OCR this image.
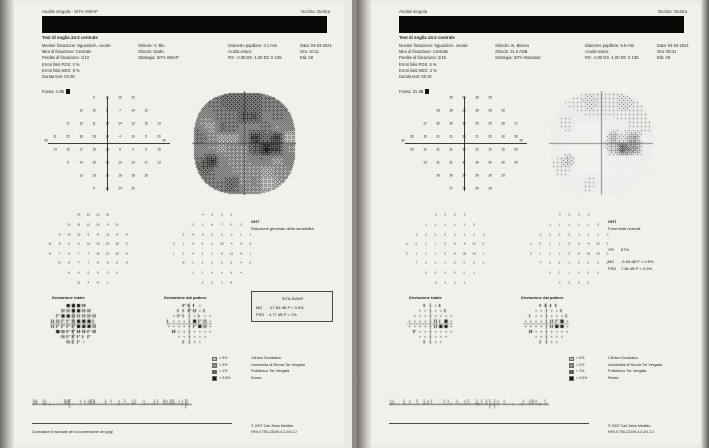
Analisi singola - SITA-SWAP	Occhio: Destra
Test di soglia 24-2 centrale
Monitor fissazione: Sguardo/A. cecale
Mira di fissazione: Centrale
Perdite di fissazione: 1/13
Errori falsi POS: 3 %
Errori falsi NEG: 8 %
Durata test: 04:28
Stimolo: V, Blu
Sfondo: Giallo
Strategia: SITA-SWAP
Diametro pupillare: 4.1 mm
Acuità visiva:
RX: -2.00 DS -1.00 DC X 135
Data: 04-03-2021
Ora: 10:11
Età: 28
Fovea: 4 dB
30	30
9	10	10	12
12	12	8	7	14	12
17	10	11	14	14	12	15	14
11	15	18	18	13	4	10	5	20
14	15	17	15	15	8	2	5	15
5	14	15	15	13	13	17	13
13	15	16	16	18	16
9	16	14	20
-13	-12	-12	-10
-11	-11	-15	-16	-9	-11
-6	-13	-12	-9	-9	-11	-8	-8
-11	-8	-5	-5	-10	-19	-13	-18	-3
-8	-7	-5	-7	-7	-15	-21	-18	-8
-17	-8	-7	-7	-9	-9	-5	-9
-8	-6	-5	-5	-3	-5
-11	-4	-6	-1
-4	-3	-3	-1
-2	-2	-6	-7	0	-2
3	-4	-3	0	0	-2	1	1
-2	1	4	4	-1	-10	-4	-9	6
1	2	4	2	2	-6	-12	-9	1
-8	1	2	2	0	0	4	0
1	3	4	4	6	4
-2	5	3	8
GHT
Riduzione generale della sensibilità
SITA-SWAP
MD -17.89 dB P < 0.5%
PSD 4.77 dB P < 1%
Deviazione totale	Deviazione dal pattern
< 5%
< 2%
< 1%
< 0.5%
Clinica Oculistica
Università di Roma Tor Vergata
Policlinico Tor Vergata
Roma
Consultare il manuale per la conversione dei grigi
© 2007 Carl Zeiss Meditec
HFA II 750-13249-4.2.2/4.2.2
Analisi singola	Occhio: Destra
Test di soglia 24-2 centrale
Monitor fissazione: Sguardo/A. cecale
Mira di fissazione: Centrale
Perdite di fissazione: 2/15
Errori falsi POS: 6 %
Errori falsi NEG: 2 %
Durata test: 05:10
Stimolo: III, Bianco
Sfondo: 31.5 ASB
Strategia: SITA-Standard
Diametro pupillare: 5.5 mm
Acuità visiva:
RX: -2.00 DS -1.00 DC X 135
Data: 04-03-2021
Ora: 09:31
Età: 28
Fovea: 31 dB
30	30
25	26	26	25
28	28	28	28	28	26
27	30	30	30	29	29	28	27
28	30	31	31	30	21	26	18	30
29	31	31	31	30	22	10	16	29
23	31	31	31	30	30	30	29
30	30	30	30	30	29
27	29	29	29
-3	-2	-2	-3
-1	-1	-1	-1	-1	-3
-2	0	0	0	-1	-1	-1	-2
-1	0	1	1	0	-9	-4	-12	0
0	1	1	1	0	-8	-20	-14	-1
-7	1	1	1	0	0	0	-1
0	0	0	0	0	-1
-3	-1	-1	-1
-3	-2	-2	-3
-1	-1	-1	-1	-1	-3
-2	0	0	0	-1	-1	-1	-2
-1	0	1	1	0	-9	-4	-12	0
0	1	1	1	0	-8	-19	-14	0
-7	1	2	1	0	0	0	0
0	0	1	0	0	0
-2	0	0	0
GHT
Fuori limiti normali
VFI 87%
MD -5.65 dB P < 0.5%
PSD 7.86 dB P < 0.5%
Deviazione totale	Deviazione dal pattern
< 5%
< 2%
< 1%
< 0.5%
Clinica Oculistica
Università di Roma Tor Vergata
Policlinico Tor Vergata
Roma
© 2007 Carl Zeiss Meditec
HFA II 750-13249-4.2.2/4.2.2
